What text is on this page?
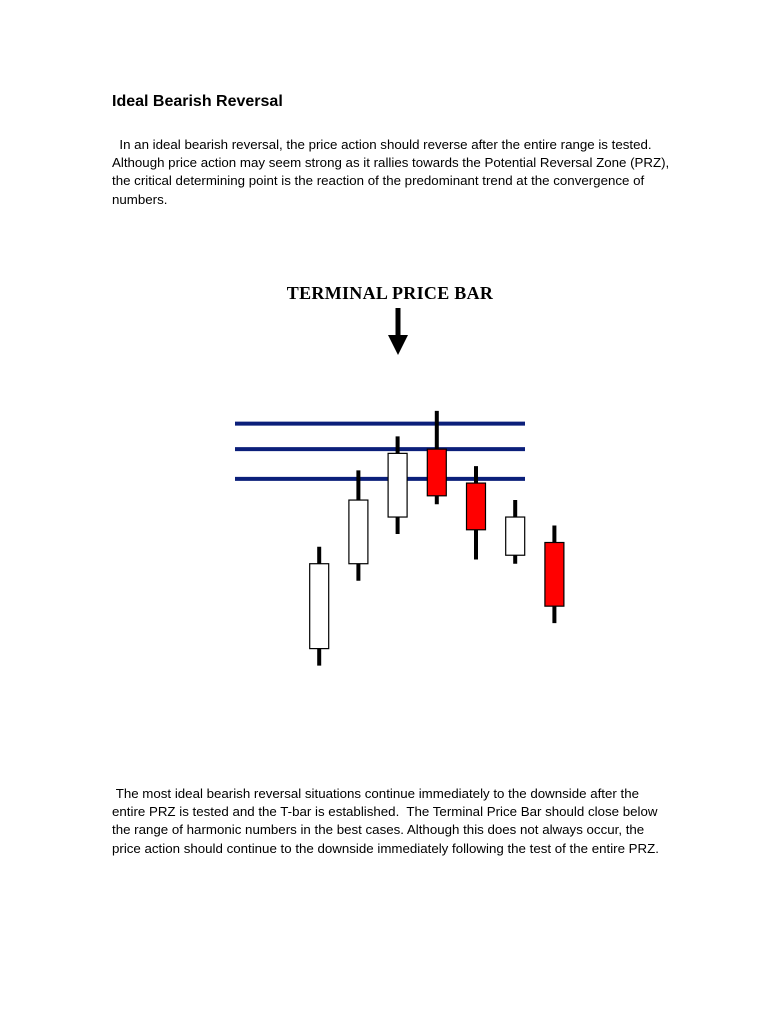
Ideal Bearish Reversal

In an ideal bearish reversal, the price action should reverse after the entire range is tested.  Although price action may seem strong as it rallies towards the Potential Reversal Zone (PRZ), the critical determining point is the reaction of the predominant trend at the convergence of numbers.

TERMINAL PRICE BAR

The most ideal bearish reversal situations continue immediately to the downside after the entire PRZ is tested and the T-bar is established.  The Terminal Price Bar should close below the range of harmonic numbers in the best cases. Although this does not always occur, the price action should continue to the downside immediately following the test of the entire PRZ.
